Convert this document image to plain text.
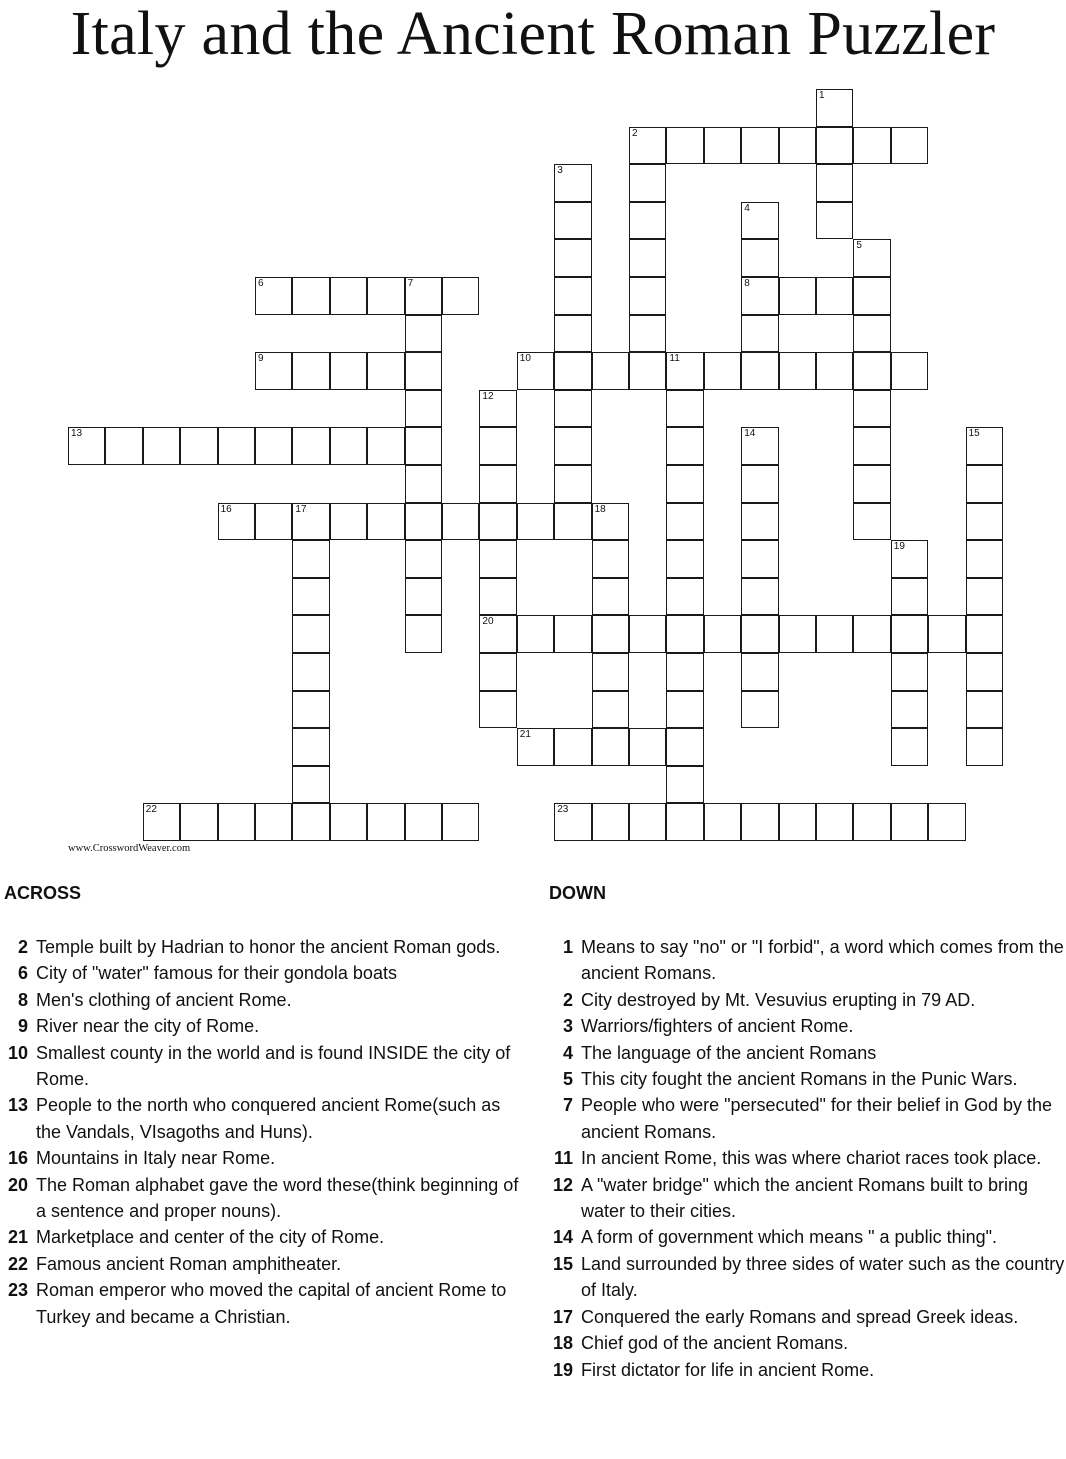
Italy and the Ancient Roman Puzzler
1
2
3
4
8
5
6	7
9	10	11
12
20
13	14	15
16	17	18
19
21
22	23
www.CrosswordWeaver.com
ACROSS	DOWN
2 Temple built by Hadrian to honor the ancient Roman gods.
6 City of "water" famous for their gondola boats
8 Men's clothing of ancient Rome.
9 River near the city of Rome.
10 Smallest county in the world and is found INSIDE the city of Rome.
13 People to the north who conquered ancient Rome(such as the Vandals, VIsagoths and Huns).
16 Mountains in Italy near Rome.
20 The Roman alphabet gave the word these(think beginning of a sentence and proper nouns).
21 Marketplace and center of the city of Rome.
22 Famous ancient Roman amphitheater.
23 Roman emperor who moved the capital of ancient Rome to Turkey and became a Christian.
1 Means to say "no" or "I forbid", a word which comes from the ancient Romans.
2 City destroyed by Mt. Vesuvius erupting in 79 AD.
3 Warriors/fighters of ancient Rome.
4 The language of the ancient Romans
5 This city fought the ancient Romans in the Punic Wars.
7 People who were "persecuted" for their belief in God by the ancient Romans.
11 In ancient Rome, this was where chariot races took place.
12 A "water bridge" which the ancient Romans built to bring water to their cities.
14 A form of government which means " a public thing".
15 Land surrounded by three sides of water such as the country of Italy.
17 Conquered the early Romans and spread Greek ideas.
18 Chief god of the ancient Romans.
19 First dictator for life in ancient Rome.
